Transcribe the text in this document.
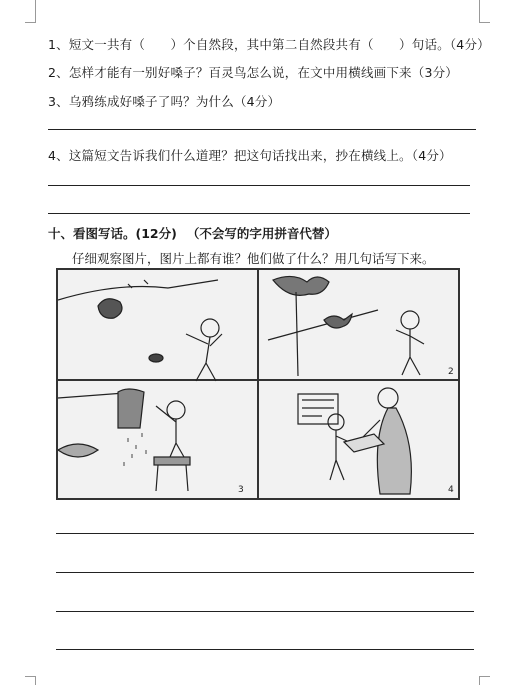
1、短文一共有（　　）个自然段，其中第二自然段共有（　　）句话。（4分）
2、怎样才能有一别好嗓子？百灵鸟怎么说，在文中用横线画下来（3分）
3、乌鸦练成好嗓子了吗？为什么（4分）
4、这篇短文告诉我们什么道理？把这句话找出来，抄在横线上。（4分）
十、看图写话。(12分) （不会写的字用拼音代替）
仔细观察图片，图片上都有谁？他们做了什么？用几句话写下来。
2
3	4
